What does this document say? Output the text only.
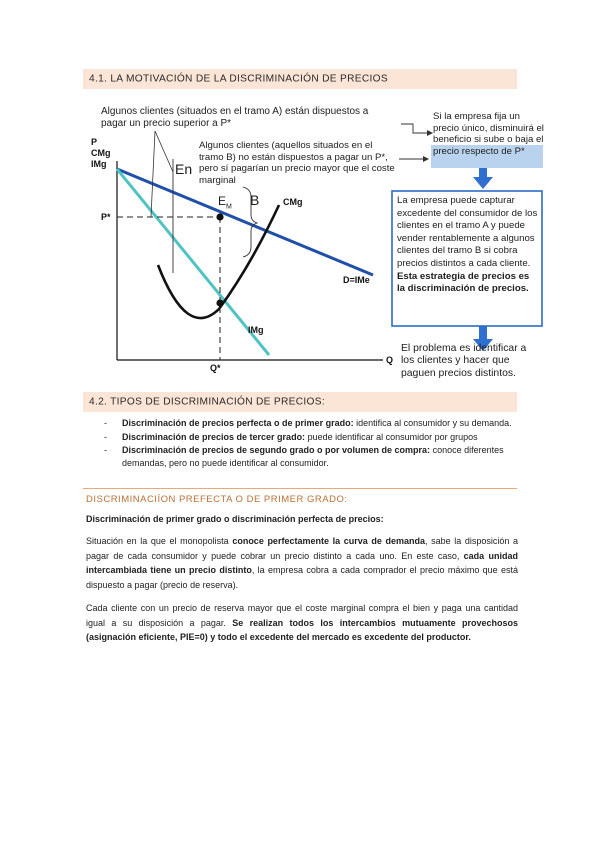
4.1. LA MOTIVACIÓN DE LA DISCRIMINACIÓN DE PRECIOS
Algunos clientes (situados en el tramo A) están dispuestos a pagar un precio superior a P*
Algunos clientes (aquellos situados en el tramo B) no están dispuestos a pagar un P*, pero sí pagarían un precio mayor que el coste marginal
P
CMg
IMg
Q
P*
Q*
$E_M$ B
En
CMg
D=IMe
IMg
Si la empresa fija un precio único, disminuirá el beneficio si sube o baja el precio respecto de P*
La empresa puede capturar excedente del consumidor de los clientes en el tramo A y puede vender rentablemente a algunos clientes del tramo B si cobra precios distintos a cada cliente. Esta estrategia de precios es la discriminación de precios.
El problema es identificar a los clientes y hacer que paguen precios distintos.
4.2. TIPOS DE DISCRIMINACIÓN DE PRECIOS:
- Discriminación de precios perfecta o de primer grado: identifica al consumidor y su demanda.
- Discriminación de precios de tercer grado: puede identificar al consumidor por grupos
- Discriminación de precios de segundo grado o por volumen de compra: conoce diferentes demandas, pero no puede identificar al consumidor.
DISCRIMINACIÍON PREFECTA O DE PRIMER GRADO:
Discriminación de primer grado o discriminación perfecta de precios:
Situación en la que el monopolista conoce perfectamente la curva de demanda, sabe la disposición a pagar de cada consumidor y puede cobrar un precio distinto a cada uno. En este caso, cada unidad intercambiada tiene un precio distinto, la empresa cobra a cada comprador el precio máximo que está dispuesto a pagar (precio de reserva).
Cada cliente con un precio de reserva mayor que el coste marginal compra el bien y paga una cantidad igual a su disposición a pagar. Se realizan todos los intercambios mutuamente provechosos (asignación eficiente, PIE=0) y todo el excedente del mercado es excedente del productor.
